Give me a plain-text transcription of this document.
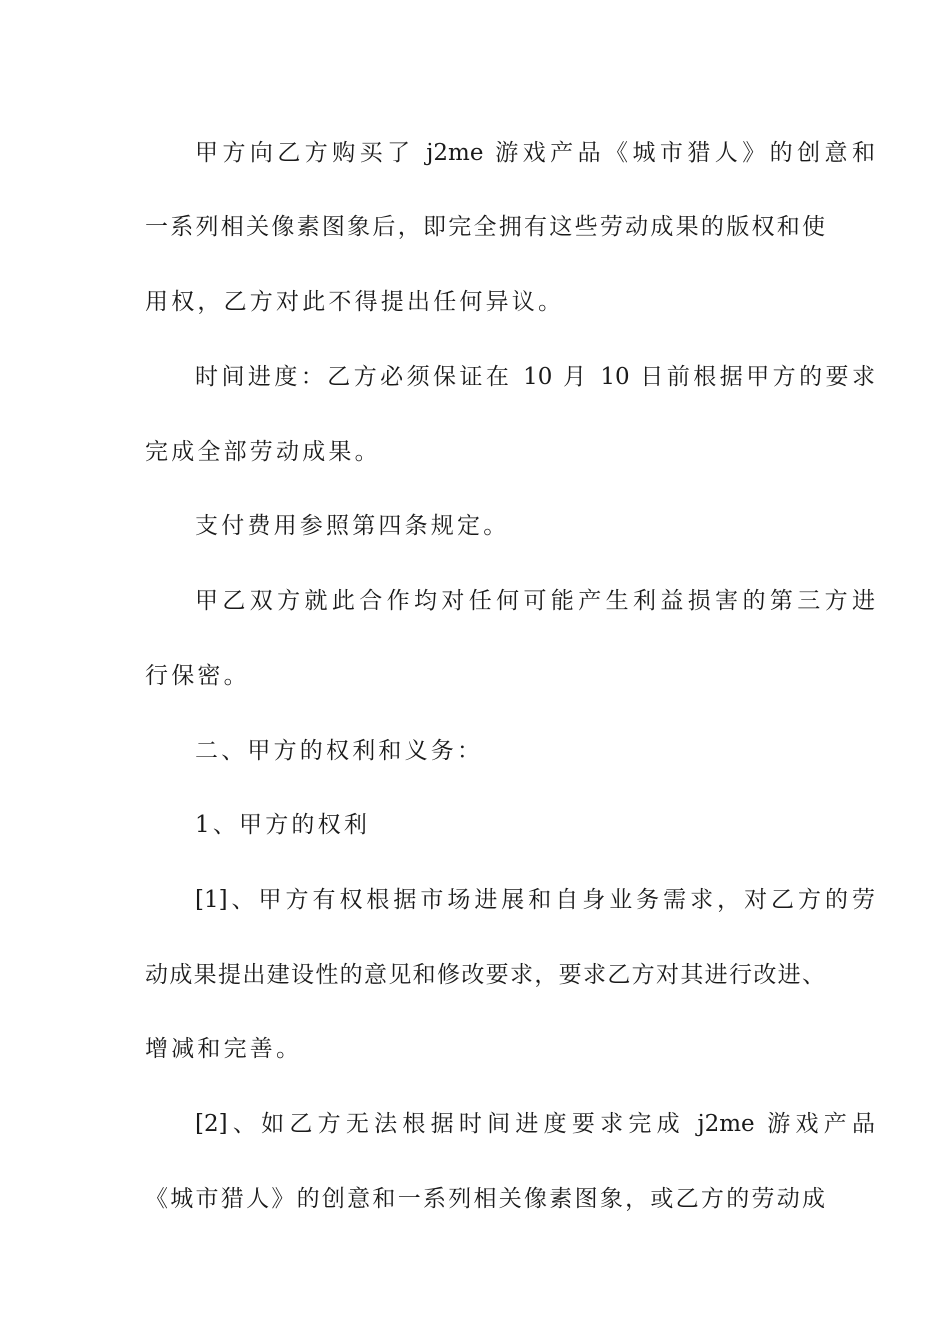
甲方向乙方购买了 j2me 游戏产品《城市猎人》的创意和
一系列相关像素图象后，即完全拥有这些劳动成果的版权和使
用权，乙方对此不得提出任何异议。
时间进度：乙方必须保证在 10 月 10 日前根据甲方的要求
完成全部劳动成果。
支付费用参照第四条规定。
甲乙双方就此合作均对任何可能产生利益损害的第三方进
行保密。
二、甲方的权利和义务：
1、甲方的权利
[1]、甲方有权根据市场进展和自身业务需求，对乙方的劳
动成果提出建设性的意见和修改要求，要求乙方对其进行改进、
增减和完善。
[2]、如乙方无法根据时间进度要求完成 j2me 游戏产品
《城市猎人》的创意和一系列相关像素图象，或乙方的劳动成
